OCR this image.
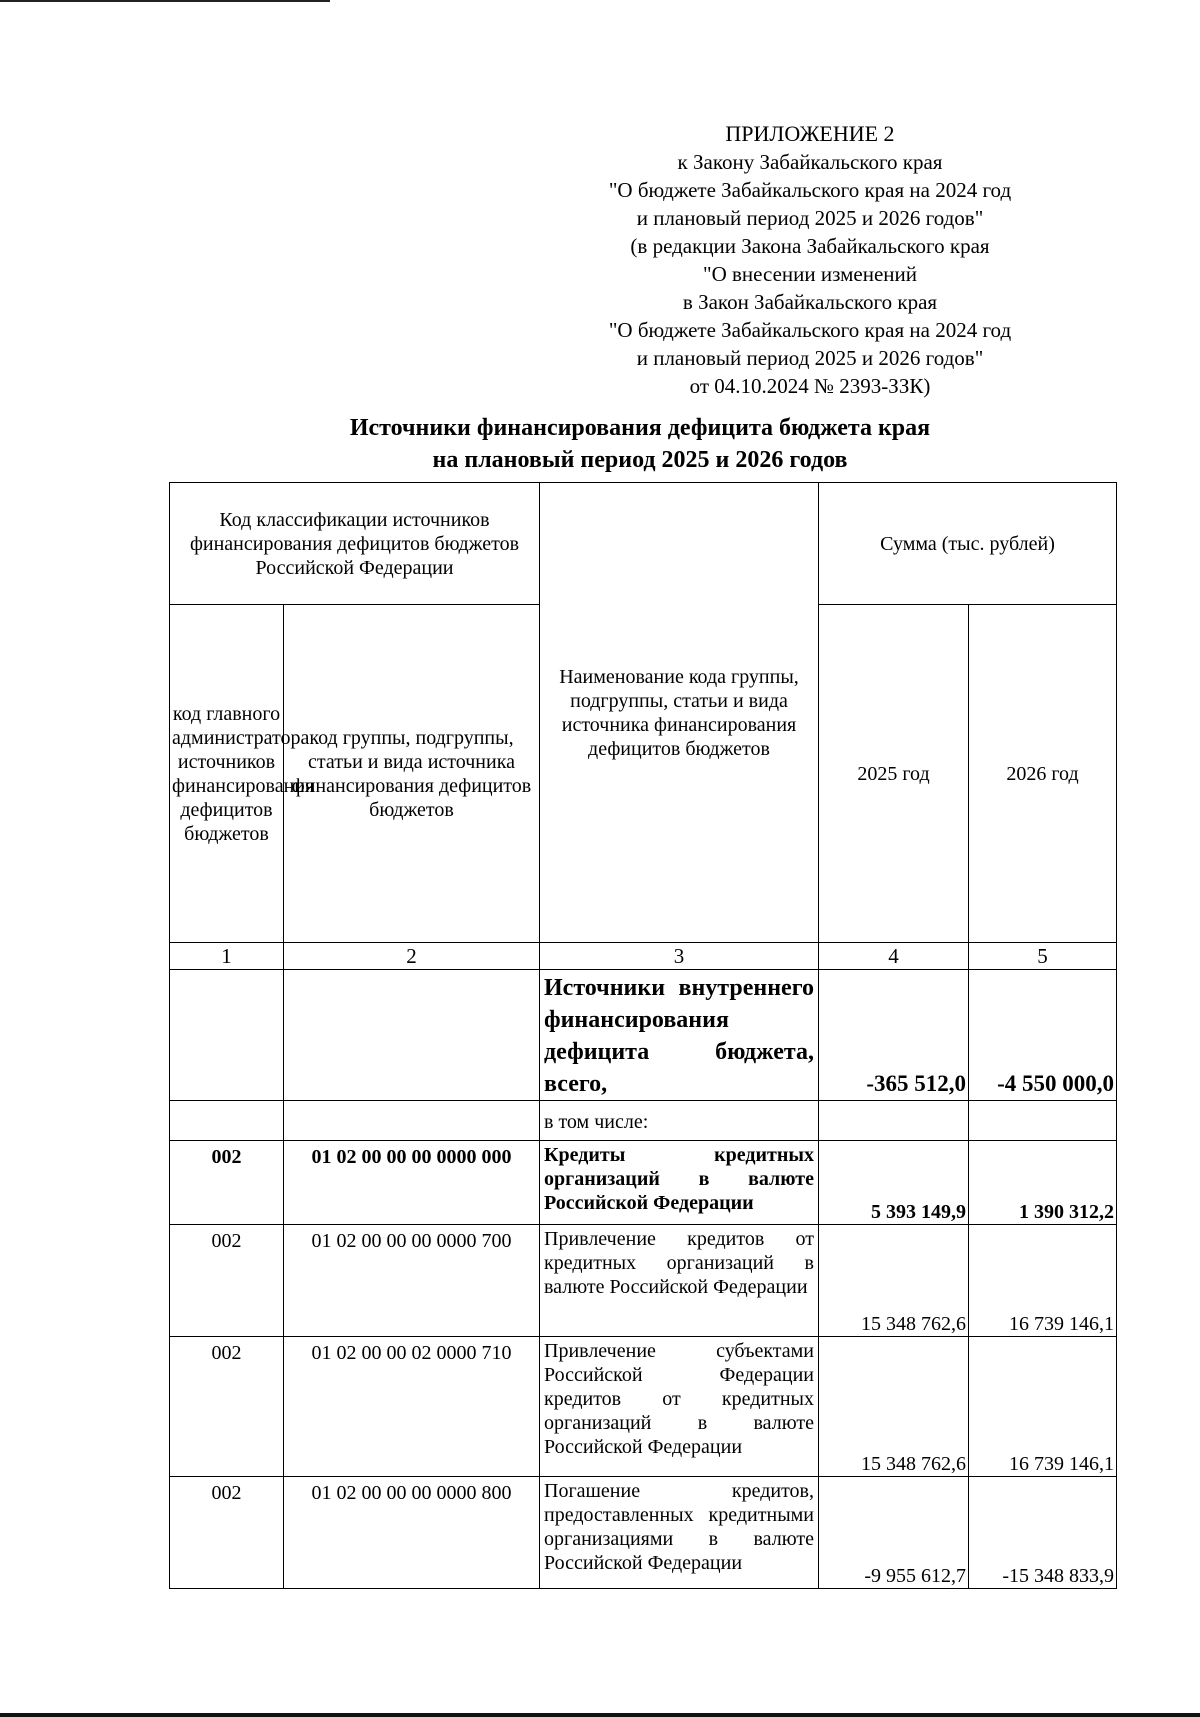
ПРИЛОЖЕНИЕ 2
к Закону Забайкальского края
"О бюджете Забайкальского края на 2024 год
и плановый период 2025 и 2026 годов"
(в редакции Закона Забайкальского края
"О внесении изменений
в Закон Забайкальского края
"О бюджете Забайкальского края на 2024 год
и плановый период 2025 и 2026 годов"
от 04.10.2024 № 2393-ЗЗК)
Источники финансирования дефицита бюджета края
на плановый период 2025 и 2026 годов
Код классификации источников финансирования дефицитов бюджетов Российской Федерации		Наименование кода группы, подгруппы, статьи и вида источника финансирования дефицитов бюджетов	Сумма (тыс. рублей)	
код главного администратора источников финансирования дефицитов бюджетов	код группы, подгруппы, статьи и вида источника финансирования дефицитов бюджетов		2025 год	2026 год
1	2	3	4	5
		Источники внутреннего финансирования дефицита бюджета, всего,	-365 512,0	-4 550 000,0
		в том числе:		
002	01 02 00 00 00 0000 000	Кредиты кредитных организаций в валюте Российской Федерации	5 393 149,9	1 390 312,2
002	01 02 00 00 00 0000 700	Привлечение кредитов от кредитных организаций в валюте Российской Федерации	15 348 762,6	16 739 146,1
002	01 02 00 00 02 0000 710	Привлечение субъектами Российской Федерации кредитов от кредитных организаций в валюте Российской Федерации	15 348 762,6	16 739 146,1
002	01 02 00 00 00 0000 800	Погашение кредитов, предоставленных кредитными организациями в валюте Российской Федерации	-9 955 612,7	-15 348 833,9
